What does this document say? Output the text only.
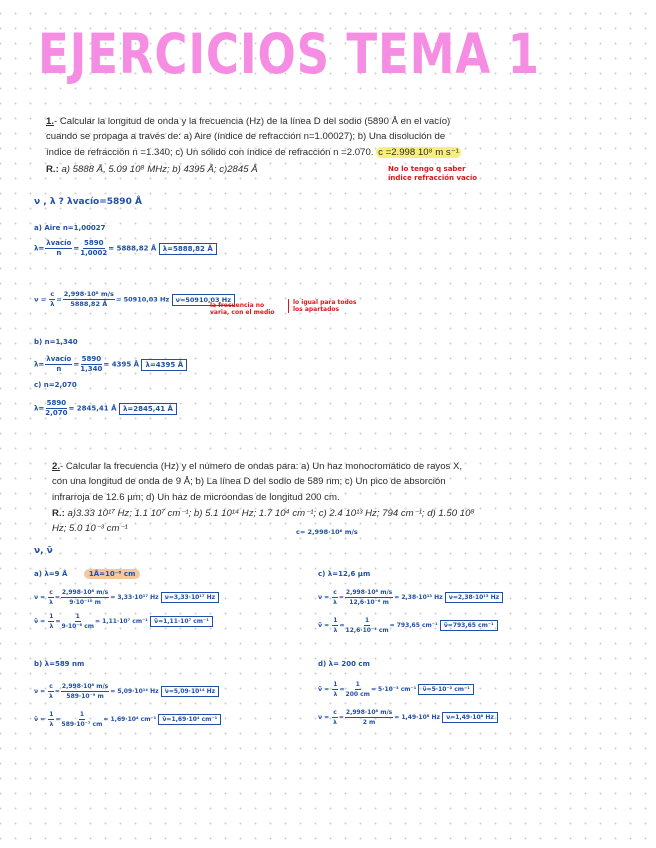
EJERCICIOS TEMA 1
1.- Calcular la longitud de onda y la frecuencia (Hz) de la línea D del sodio (5890 Å en el vacío)
cuando se propaga a través de: a) Aire (índice de refracción n=1.00027); b) Una disolución de
índice de refracción n =1.340; c) Un sólido con índice de refracción n =2.070. c =2.998 10⁸ m s⁻¹
R.: a) 5888 Å, 5.09 10⁸ MHz; b) 4395 Å; c)2845 Å	No lo tengo q saber
índice refracción vacío
ν , λ ? λvacío=5890 Å
a) Aire n=1,00027
$\lambda= \frac{\text{λvacío}}{n} = \frac{5890}{1,0002} = 5888,82$ Å λ=5888,82 Å
$\nu = \frac{c}{\lambda} = \frac{\text{2,998·10⁸ m/s}}{5888,82 Å} = 50910,03$ Hz ν=50910,03 Hz
la frecuencia no
varia, con el medio
lo igual para todos
los apartados
b) n=1,340
$\lambda= \frac{\text{λvacío}}{n} = \frac{5890}{1,340} = 4395$ Å λ=4395 Å
c) n=2,070
$\lambda= \frac{5890}{2,070} = 2845,41$ Å λ=2845,41 Å
2.- Calcular la frecuencia (Hz) y el número de ondas para: a) Un haz monocromático de rayos X,
con una longitud de onda de 9 Å; b) La línea D del sodio de 589 nm; c) Un pico de absorción
infrarroja de 12.6 µm; d) Un haz de microondas de longitud 200 cm.
R.: a)3.33 10¹⁷ Hz; 1.1 10⁷ cm⁻¹; b) 5.1 10¹⁴ Hz; 1.7 10⁴ cm⁻¹; c) 2.4 10¹³ Hz; 794 cm⁻¹; d) 1.50 10⁸
Hz; 5.0 10⁻³ cm⁻¹	c= 2,998·10⁸ m/s
ν, ν̃
a) λ=9 Å	1Å=10⁻⁸ cm
$\nu = \frac{c}{\lambda} = \frac{\text{2,998·10⁸ m/s}}{\text{9·10⁻¹⁰ m}} = 3,33\cdot 10^{17}$ Hz ν=3,33·10¹⁷ Hz
ν̃ = $\frac{1}{\lambda} = \frac{1}{\text{9·10⁻⁸ cm}} = 1,11\cdot 10^7$ cm⁻¹ ν̃=1,11·10⁷ cm⁻¹
b) λ=589 nm
$\nu = \frac{c}{\lambda} = \frac{\text{2,998·10⁸ m/s}}{\text{589·10⁻⁹ m}} = 5,09\cdot 10^{14}$ Hz ν=5,09·10¹⁴ Hz
ν̃ = $\frac{1}{\lambda} = \frac{1}{\text{589·10⁻⁷ cm}} = 1,69\cdot 10^4$ cm⁻¹ ν̃=1,69·10⁴ cm⁻¹
c) λ=12,6 µm
$\nu = \frac{c}{\lambda} = \frac{\text{2,998·10⁸ m/s}}{\text{12,6·10⁻⁶ m}} = 2,38\cdot 10^{13}$ Hz ν=2,38·10¹³ Hz
ν̃ = $\frac{1}{\lambda} = \frac{1}{\text{12,6·10⁻⁴ cm}} = 793,65$ cm⁻¹ ν̃=793,65 cm⁻¹
d) λ= 200 cm
ν̃ = $\frac{1}{\lambda} = \frac{1}{200 cm} = 5\cdot 10^{-3}$ cm⁻¹ ν̃=5·10⁻³ cm⁻¹
$\nu = \frac{c}{\lambda} = \frac{\text{2,998·10⁸ m/s}}{2 m} = 1,49\cdot 10^8$ Hz ν=1,49·10⁸ Hz
